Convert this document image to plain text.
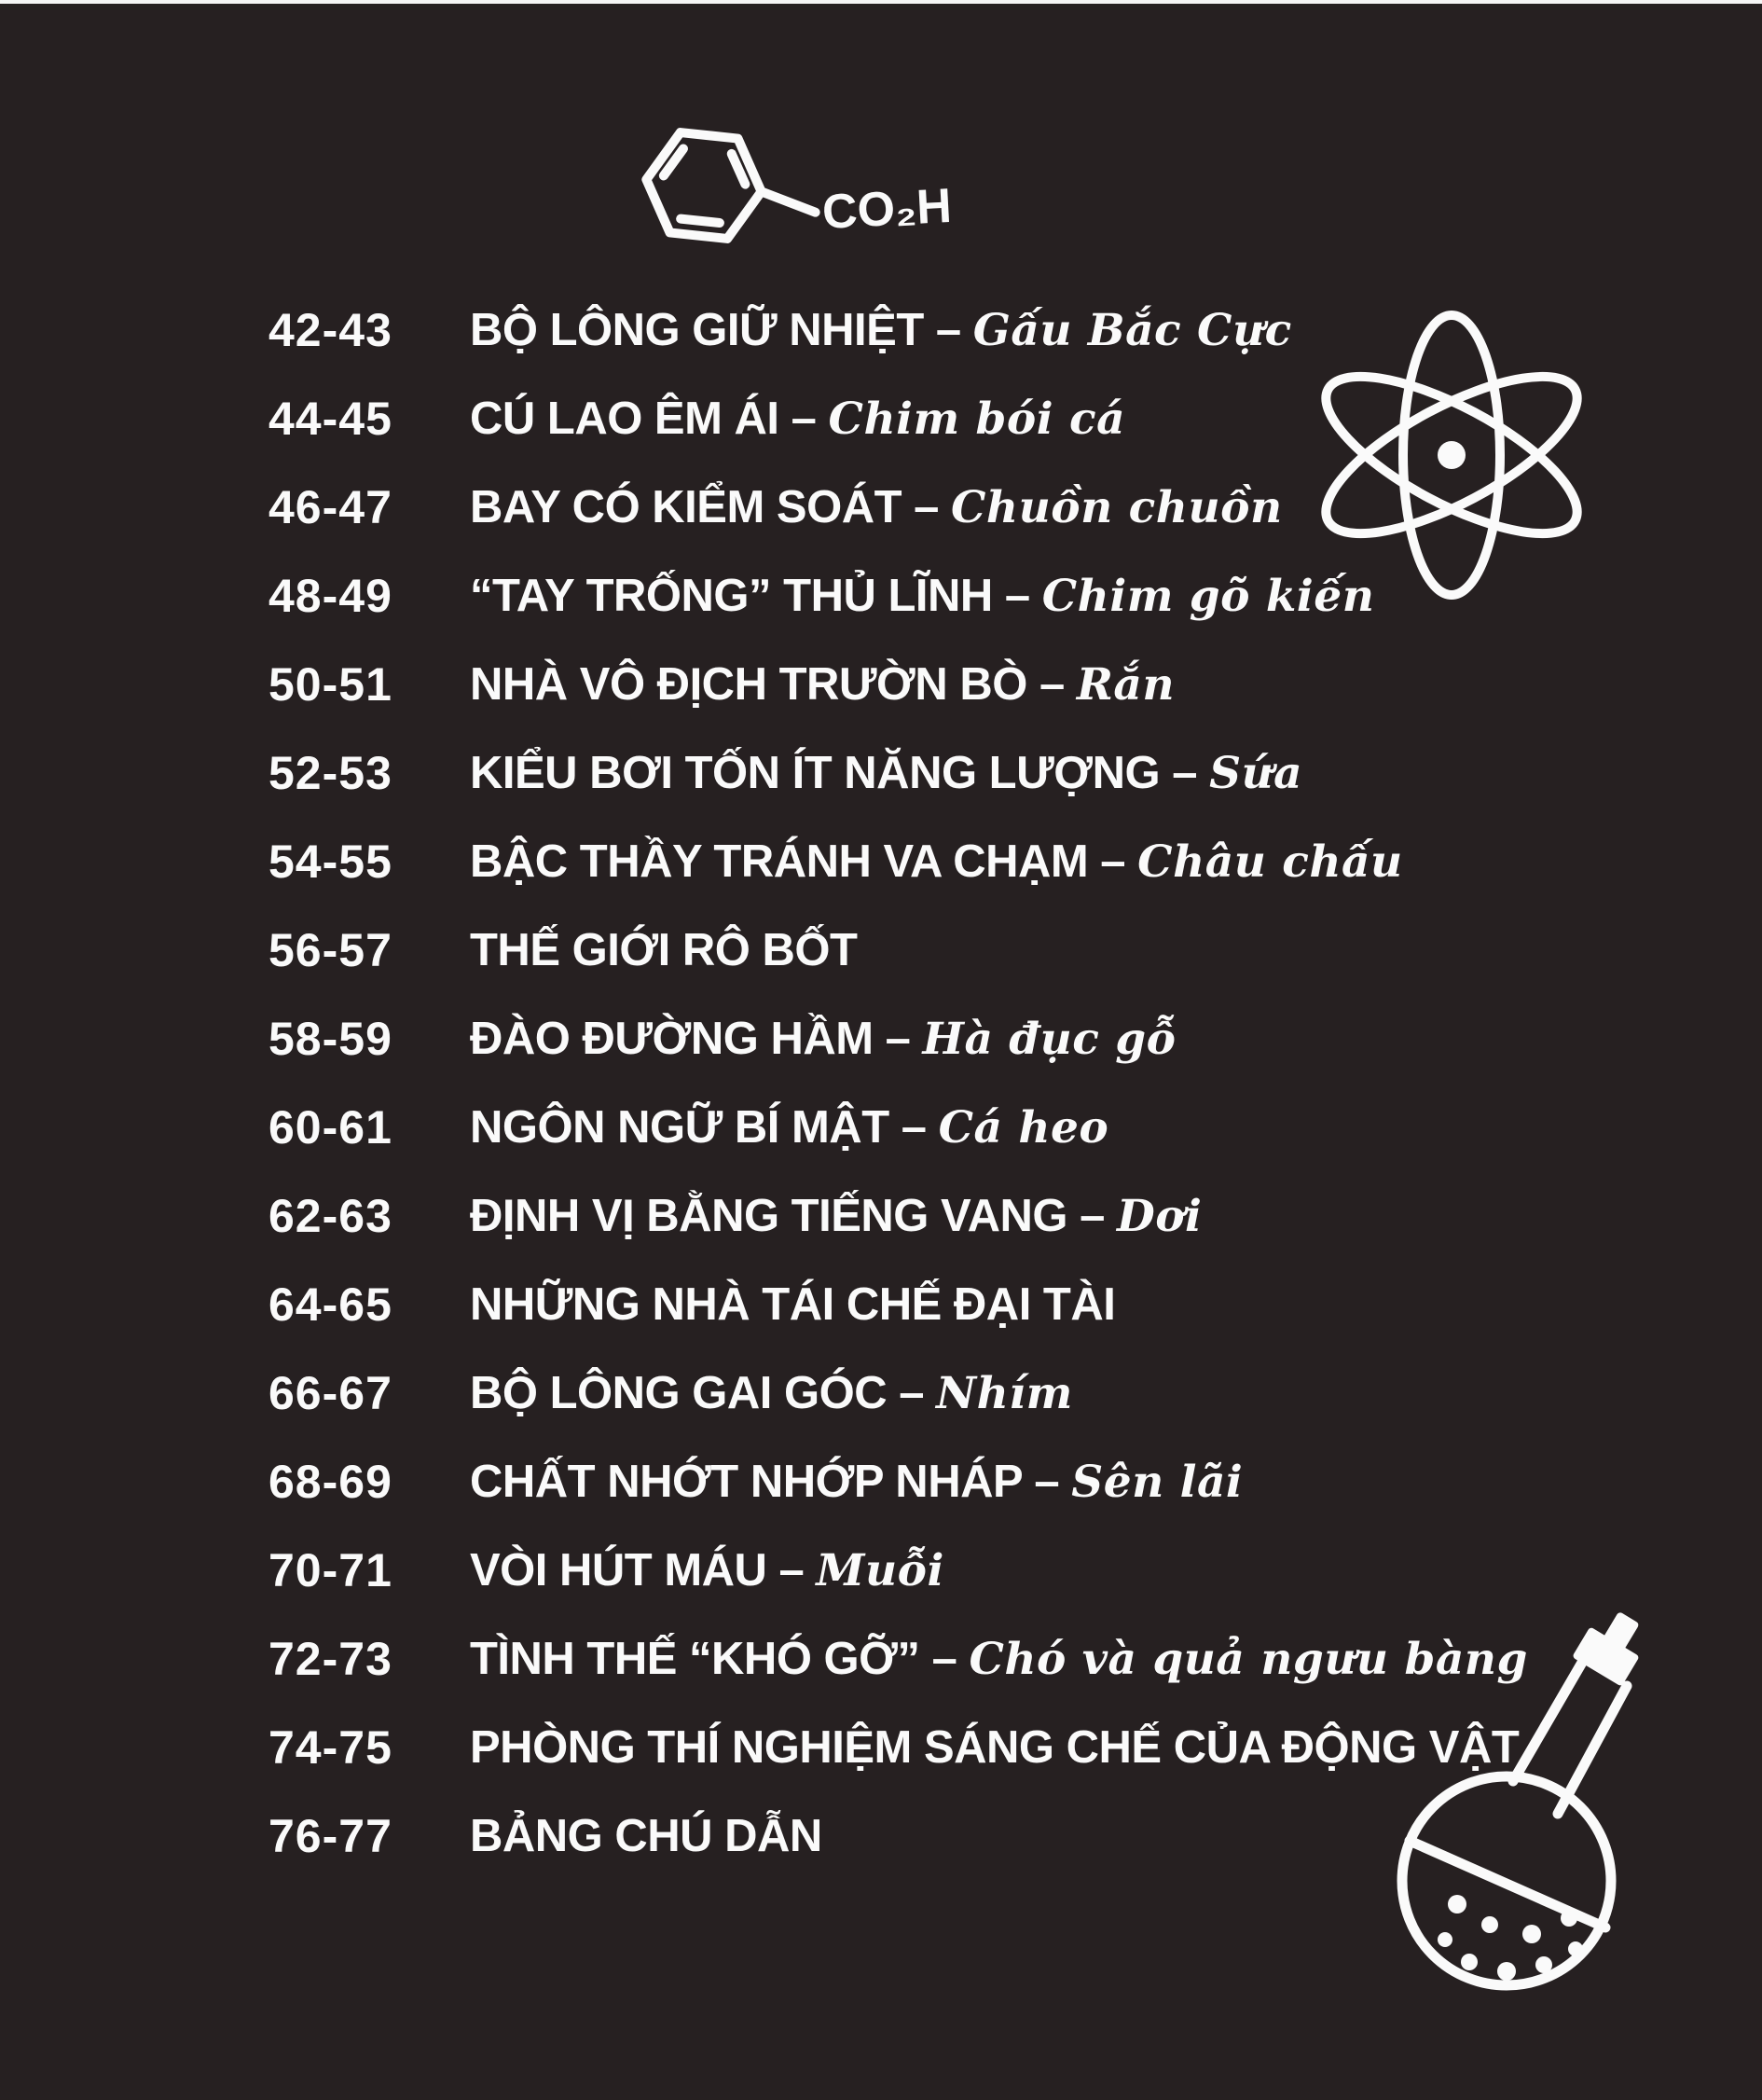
CO₂H
42-43	BỘ LÔNG GIỮ NHIỆT – Gấu Bắc Cực
44-45	CÚ LAO ÊM ÁI – Chim bói cá
46-47	BAY CÓ KIỂM SOÁT – Chuồn chuồn
48-49	“TAY TRỐNG” THỦ LĨNH – Chim gõ kiến
50-51	NHÀ VÔ ĐỊCH TRƯỜN BÒ – Rắn
52-53	KIỂU BƠI TỐN ÍT NĂNG LƯỢNG – Sứa
54-55	BẬC THẦY TRÁNH VA CHẠM – Châu chấu
56-57	THẾ GIỚI RÔ BỐT
58-59	ĐÀO ĐƯỜNG HẦM – Hà đục gỗ
60-61	NGÔN NGỮ BÍ MẬT – Cá heo
62-63	ĐỊNH VỊ BẰNG TIẾNG VANG – Dơi
64-65	NHỮNG NHÀ TÁI CHẾ ĐẠI TÀI
66-67	BỘ LÔNG GAI GÓC – Nhím
68-69	CHẤT NHỚT NHỚP NHÁP – Sên lãi
70-71	VÒI HÚT MÁU – Muỗi
72-73	TÌNH THẾ “KHÓ GỠ” – Chó và quả ngưu bàng
74-75	PHÒNG THÍ NGHIỆM SÁNG CHẾ CỦA ĐỘNG VẬT
76-77	BẢNG CHÚ DẪN
